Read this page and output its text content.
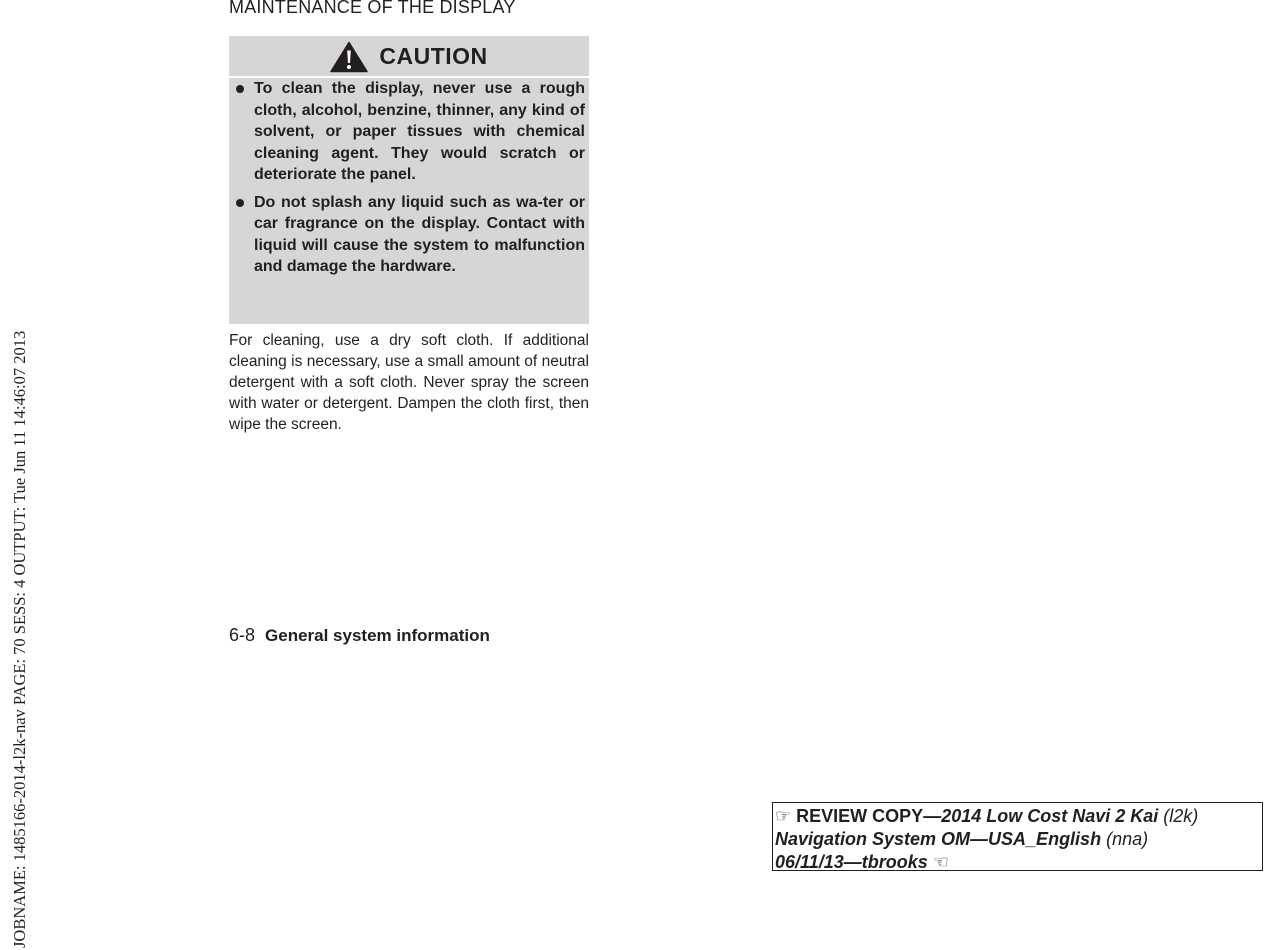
JOBNAME: 1485166-2014-l2k-nav PAGE: 70 SESS: 4 OUTPUT: Tue Jun 11 14:46:07 2013
MAINTENANCE OF THE DISPLAY
CAUTION
To clean the display, never use a rough cloth, alcohol, benzine, thinner, any kind of solvent, or paper tissues with chemical cleaning agent. They would scratch or deteriorate the panel.
Do not splash any liquid such as wa-ter or car fragrance on the display. Contact with liquid will cause the system to malfunction and damage the hardware.

For cleaning, use a dry soft cloth. If additional cleaning is necessary, use a small amount of neutral detergent with a soft cloth. Never spray the screen with water or detergent. Dampen the cloth first, then wipe the screen.

6-8 General system information
☞ REVIEW COPY—2014 Low Cost Navi 2 Kai (l2k)
Navigation System OM—USA_English (nna)
06/11/13—tbrooks ☜
